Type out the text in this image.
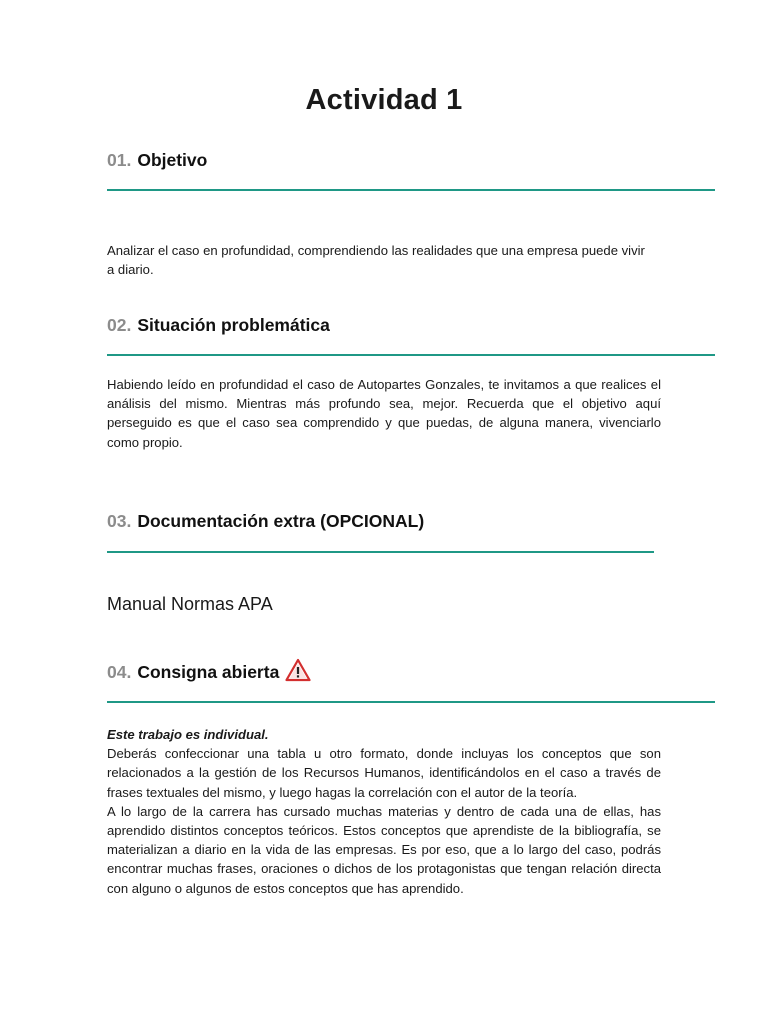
Actividad 1
01. Objetivo

Analizar el caso en profundidad, comprendiendo las realidades que una empresa puede vivir a diario.

02. Situación problemática

Habiendo leído en profundidad el caso de Autopartes Gonzales, te invitamos a que realices el análisis del mismo. Mientras más profundo sea, mejor. Recuerda que el objetivo aquí perseguido es que el caso sea comprendido y que puedas, de alguna manera, vivenciarlo como propio.

03. Documentación extra (OPCIONAL)

Manual Normas APA

04. Consigna abierta

Este trabajo es individual.

Deberás confeccionar una tabla u otro formato, donde incluyas los conceptos que son relacionados a la gestión de los Recursos Humanos, identificándolos en el caso a través de frases textuales del mismo, y luego hagas la correlación con el autor de la teoría.

A lo largo de la carrera has cursado muchas materias y dentro de cada una de ellas, has aprendido distintos conceptos teóricos. Estos conceptos que aprendiste de la bibliografía, se materializan a diario en la vida de las empresas. Es por eso, que a lo largo del caso, podrás encontrar muchas frases, oraciones o dichos de los protagonistas que tengan relación directa con alguno o algunos de estos conceptos que has aprendido.
